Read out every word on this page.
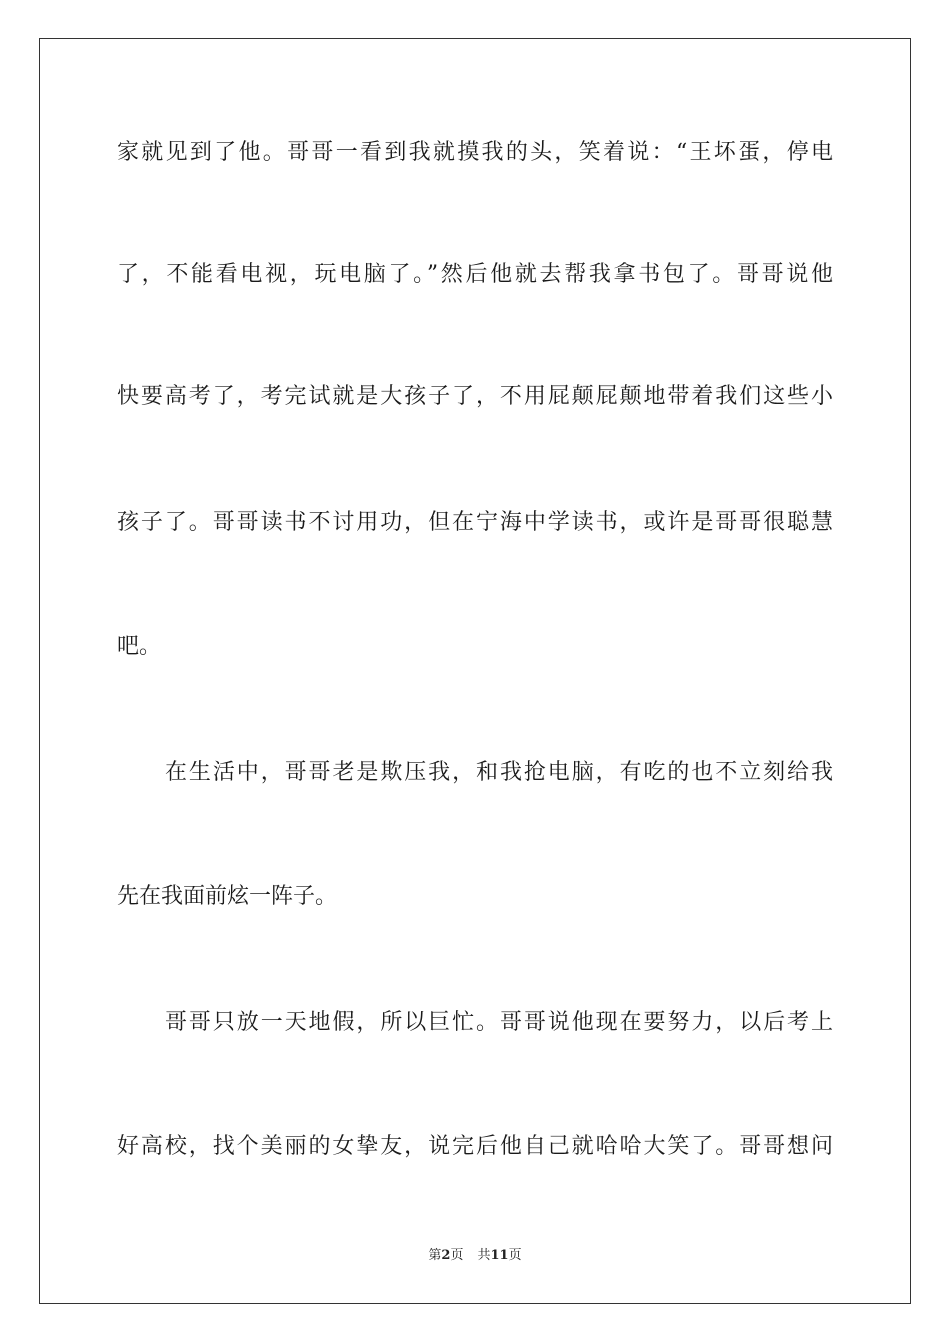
家就见到了他。哥哥一看到我就摸我的头，笑着说：“王坏蛋，停电
了，不能看电视，玩电脑了。”然后他就去帮我拿书包了。哥哥说他
快要高考了，考完试就是大孩子了，不用屁颠屁颠地带着我们这些小
孩子了。哥哥读书不讨用功，但在宁海中学读书，或许是哥哥很聪慧
吧。
在生活中，哥哥老是欺压我，和我抢电脑，有吃的也不立刻给我
先在我面前炫一阵子。
哥哥只放一天地假，所以巨忙。哥哥说他现在要努力，以后考上
好高校，找个美丽的女挚友，说完后他自己就哈哈大笑了。哥哥想问
第2页 共11页
